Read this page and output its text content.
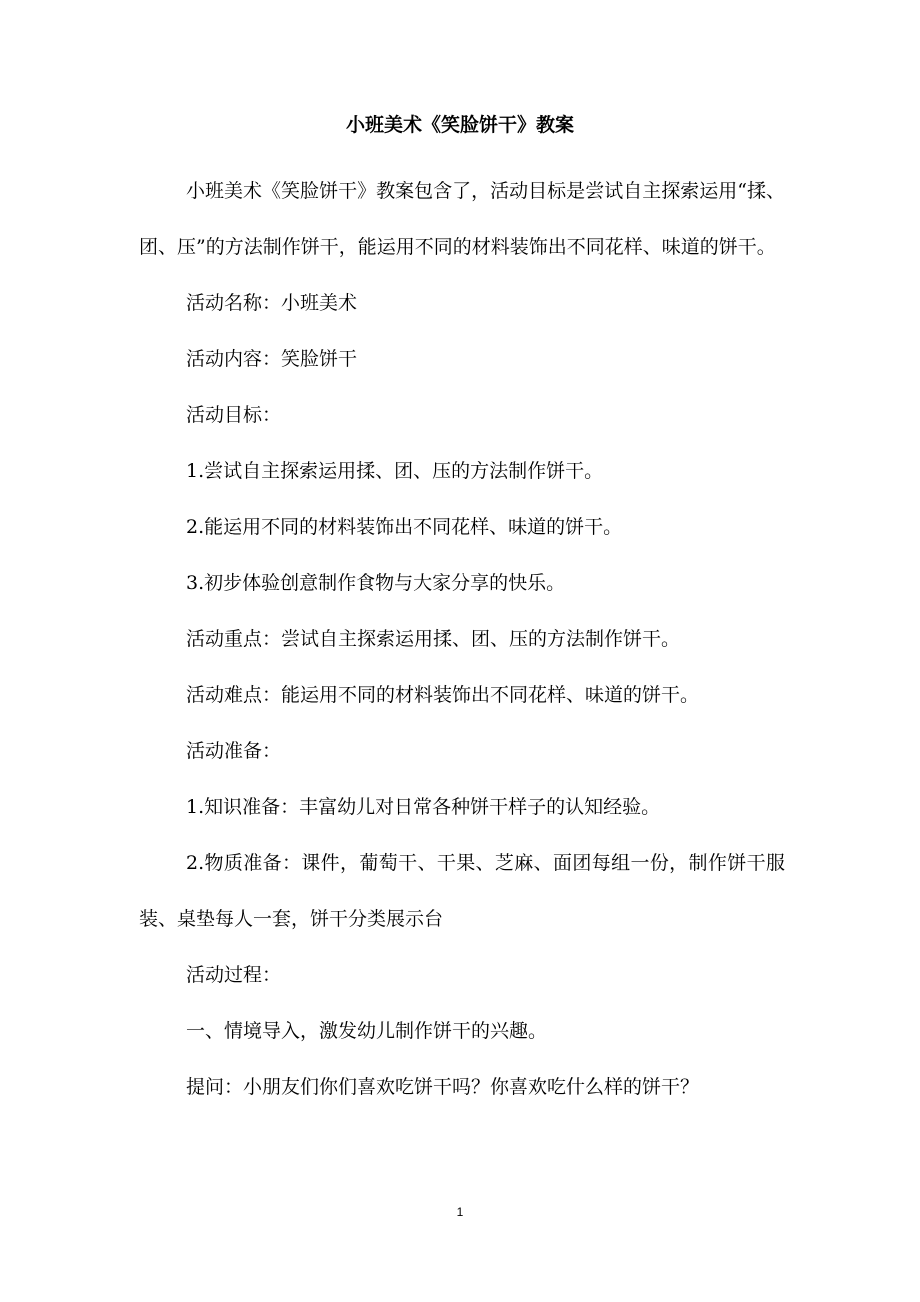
小班美术《笑脸饼干》教案

小班美术《笑脸饼干》教案包含了，活动目标是尝试自主探索运用“揉、团、压”的方法制作饼干，能运用不同的材料装饰出不同花样、味道的饼干。

活动名称：小班美术

活动内容：笑脸饼干

活动目标：

1.尝试自主探索运用揉、团、压的方法制作饼干。

2.能运用不同的材料装饰出不同花样、味道的饼干。

3.初步体验创意制作食物与大家分享的快乐。

活动重点：尝试自主探索运用揉、团、压的方法制作饼干。

活动难点：能运用不同的材料装饰出不同花样、味道的饼干。

活动准备：

1.知识准备：丰富幼儿对日常各种饼干样子的认知经验。

2.物质准备：课件，葡萄干、干果、芝麻、面团每组一份，制作饼干服装、桌垫每人一套，饼干分类展示台

活动过程：

一、情境导入，激发幼儿制作饼干的兴趣。

提问：小朋友们你们喜欢吃饼干吗？你喜欢吃什么样的饼干？

1
